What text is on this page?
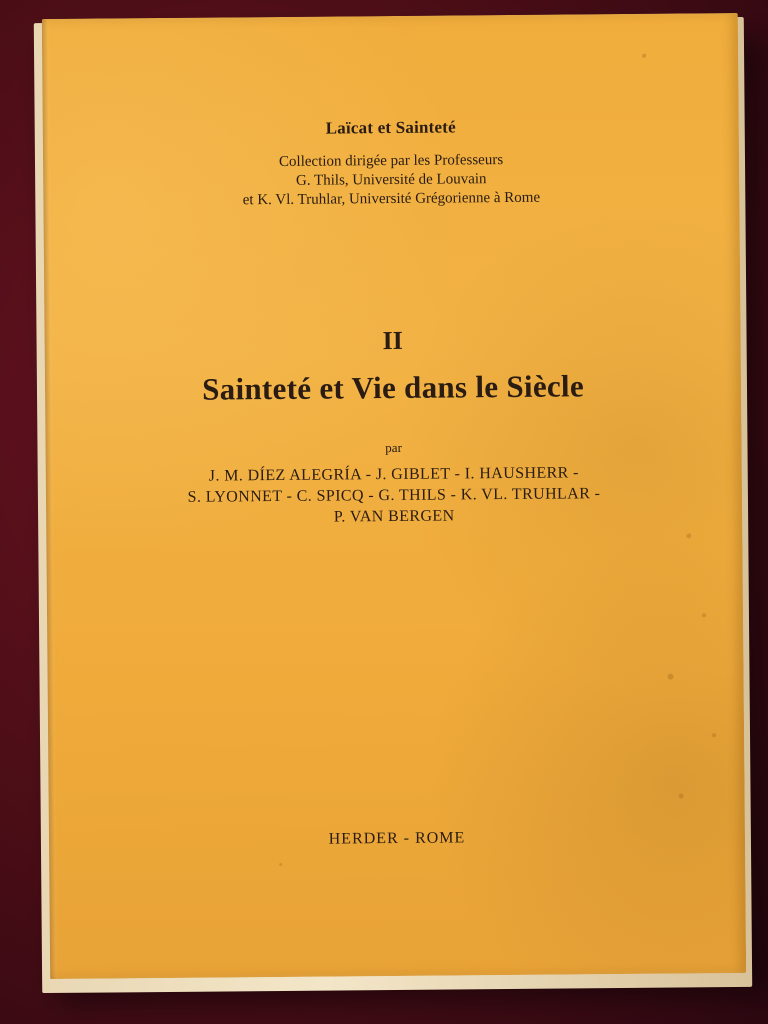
Laïcat et Sainteté
Collection dirigée par les Professeurs
G. Thils, Université de Louvain
et K. Vl. Truhlar, Université Grégorienne à Rome
II
Sainteté et Vie dans le Siècle
par
J. M. DÍEZ ALEGRÍA - J. GIBLET - I. HAUSHERR -
S. LYONNET - C. SPICQ - G. THILS - K. VL. TRUHLAR -
P. VAN BERGEN
HERDER - ROME
